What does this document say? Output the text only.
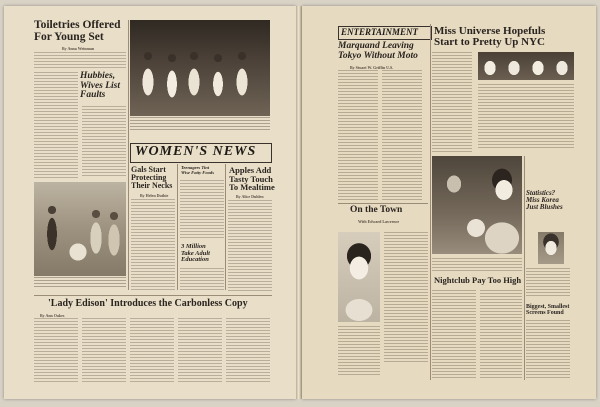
Toiletries Offered
For Young Set
By Anna Weinman
Hubbies,
Wives List
Faults
WOMEN'S NEWS
Gals Start
Protecting
Their Necks
By Helen Duthie
Teenagers Tint
Wise Fatty Foods
3 Million
Take Adult
Education
Apples Add
Tasty Touch
To Mealtime
By Alice Duhlen
'Lady Edison' Introduces the Carbonless Copy
By Ann Oakes
ENTERTAINMENT
Marquand Leaving
Tokyo Without Moto
By Stuart W. Griffin U.S.
Miss Universe Hopefuls
Start to Pretty Up NYC
Statistics?
Miss Korea
Just Blushes
On the Town
With Edward Lawrence
Nightclub Pay Too High
Biggest, Smallest
Screens Found
